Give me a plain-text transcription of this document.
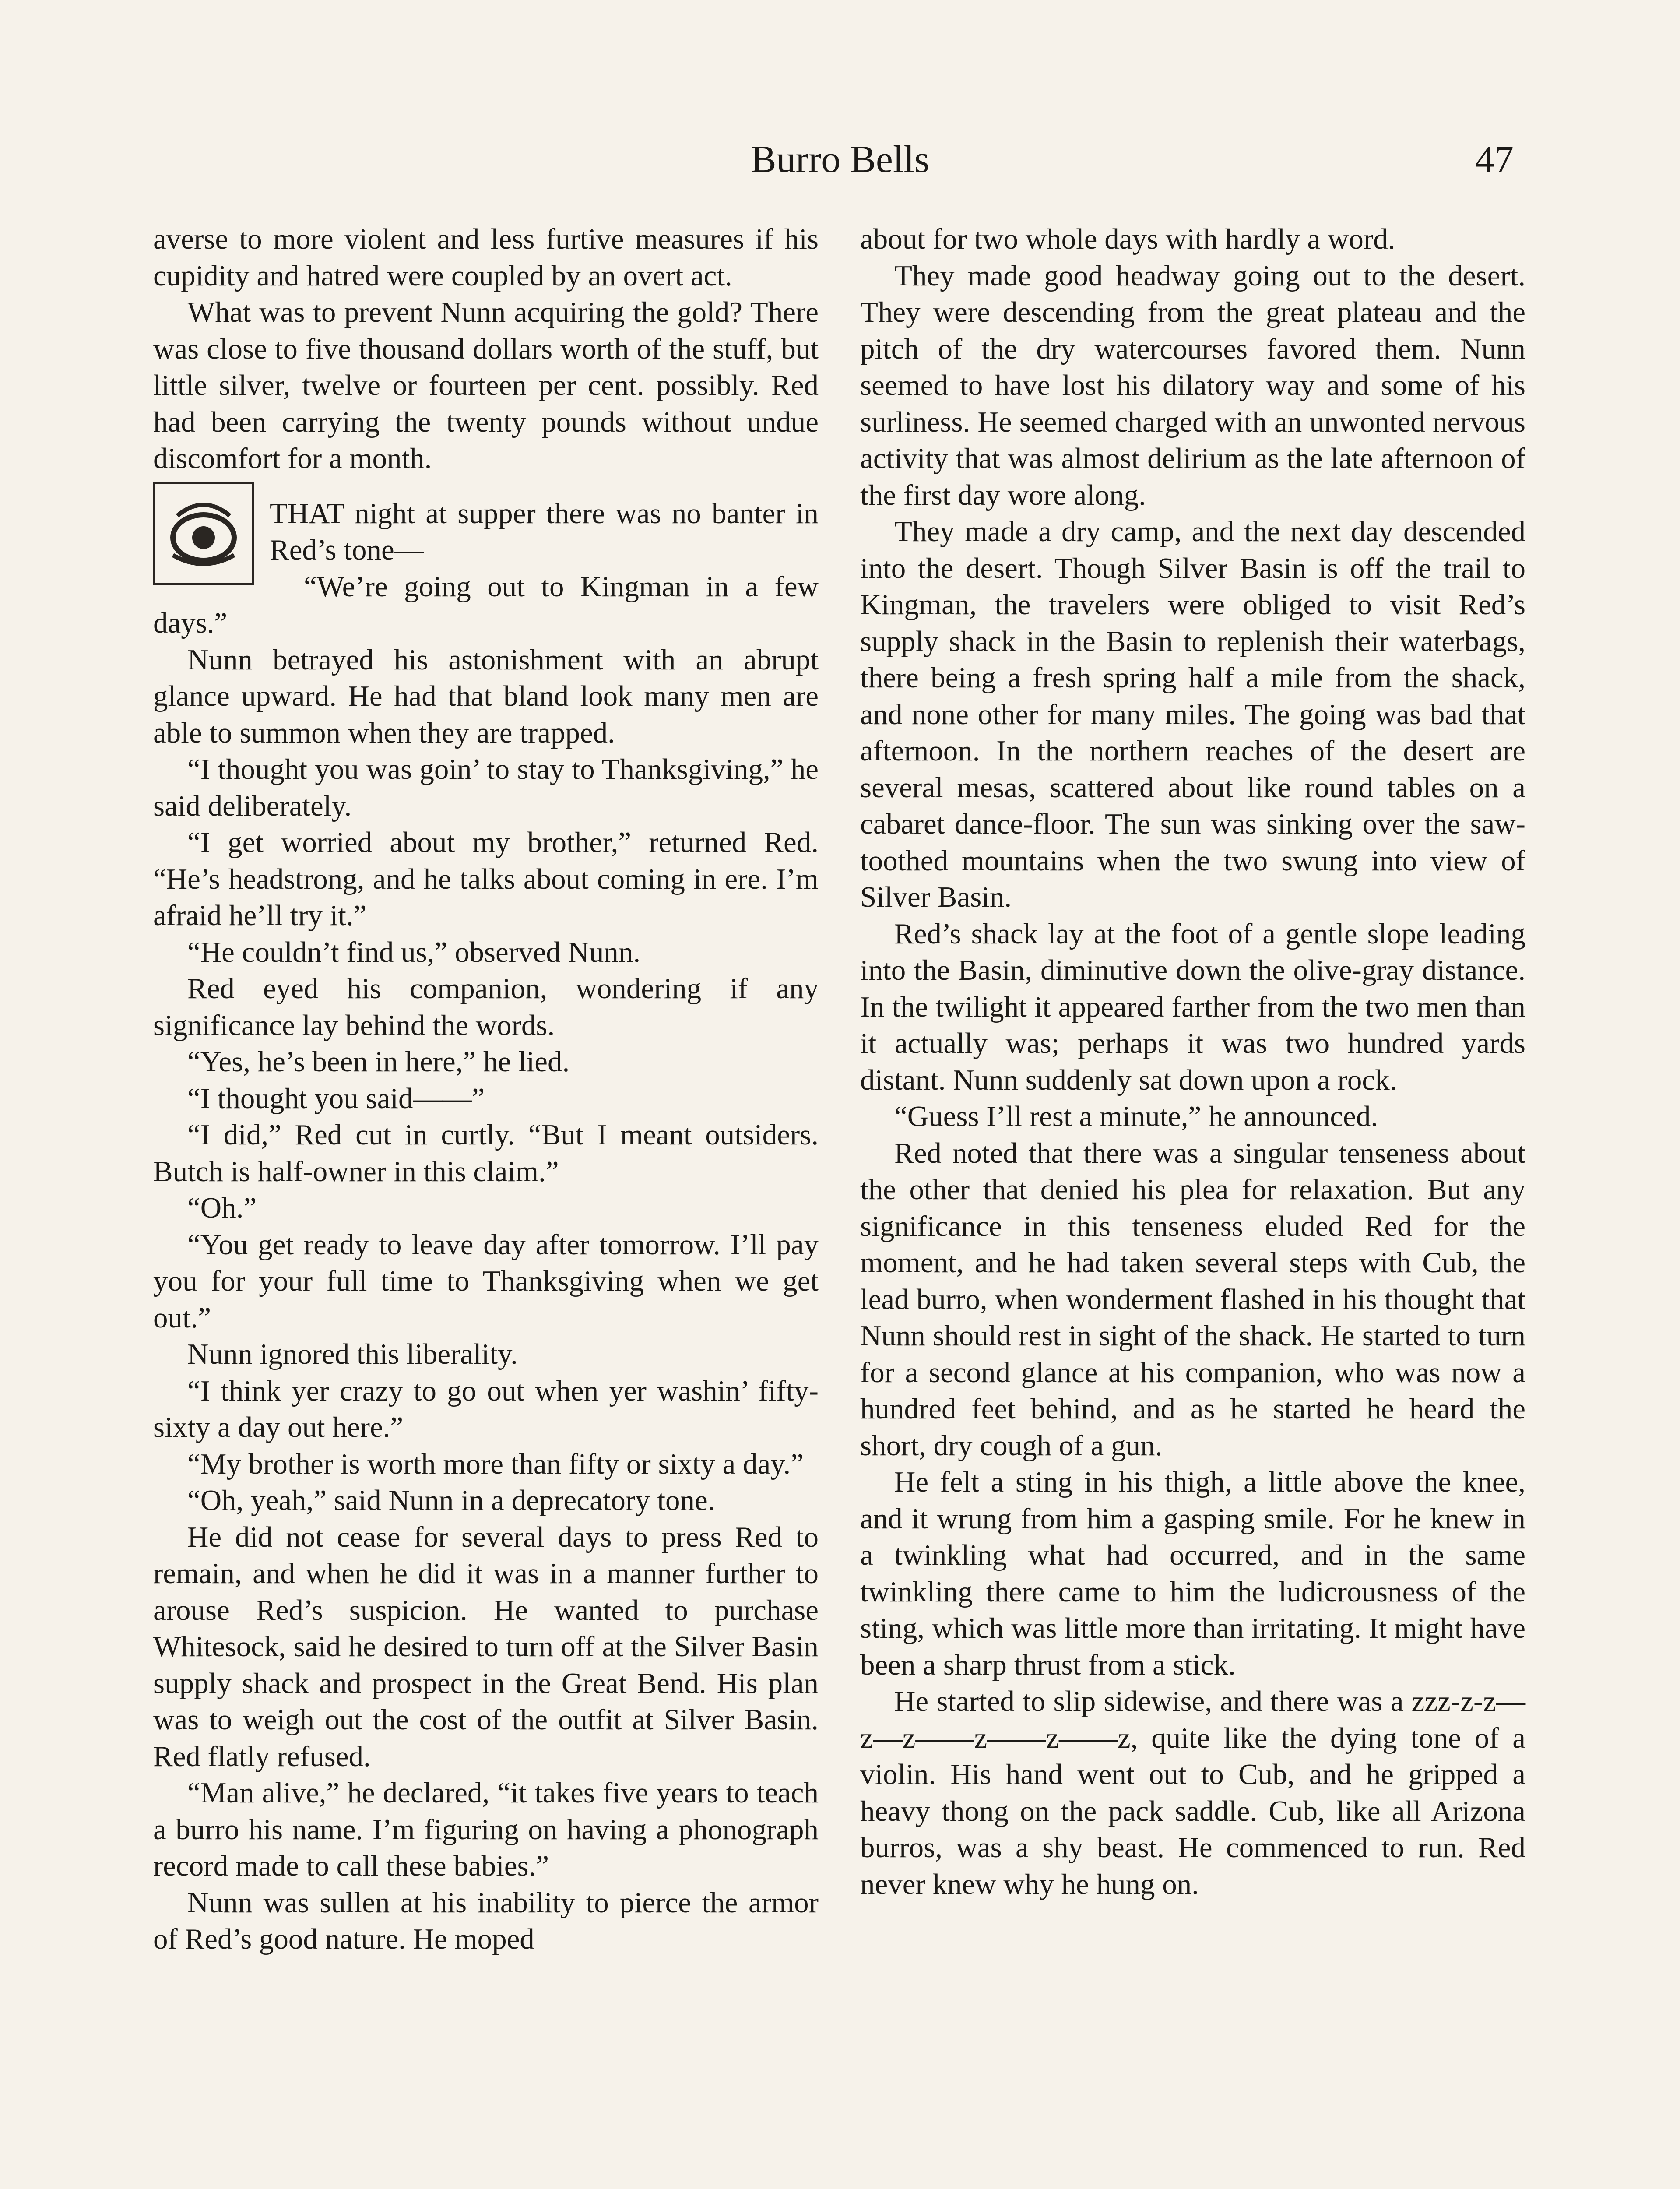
Burro Bells	47

averse to more violent and less furtive measures if his cupidity and hatred were coupled by an overt act.

What was to prevent Nunn acquiring the gold? There was close to five thousand dollars worth of the stuff, but little silver, twelve or fourteen per cent. possibly. Red had been carrying the twenty pounds without undue discomfort for a month.

THAT night at supper there was no banter in Red’s tone—

“We’re going out to Kingman in a few days.”

Nunn betrayed his astonishment with an abrupt glance upward. He had that bland look many men are able to summon when they are trapped.

“I thought you was goin’ to stay to Thanksgiving,” he said deliberately.

“I get worried about my brother,” returned Red. “He’s headstrong, and he talks about coming in ere. I’m afraid he’ll try it.”

“He couldn’t find us,” observed Nunn.

Red eyed his companion, wondering if any significance lay behind the words.

“Yes, he’s been in here,” he lied.

“I thought you said——”

“I did,” Red cut in curtly. “But I meant outsiders. Butch is half-owner in this claim.”

“Oh.”

“You get ready to leave day after tomorrow. I’ll pay you for your full time to Thanksgiving when we get out.”

Nunn ignored this liberality.

“I think yer crazy to go out when yer washin’ fifty-sixty a day out here.”

“My brother is worth more than fifty or sixty a day.”

“Oh, yeah,” said Nunn in a deprecatory tone.

He did not cease for several days to press Red to remain, and when he did it was in a manner further to arouse Red’s suspicion. He wanted to purchase Whitesock, said he desired to turn off at the Silver Basin supply shack and prospect in the Great Bend. His plan was to weigh out the cost of the outfit at Silver Basin. Red flatly refused.

“Man alive,” he declared, “it takes five years to teach a burro his name. I’m figuring on having a phonograph record made to call these babies.”

Nunn was sullen at his inability to pierce the armor of Red’s good nature. He moped

about for two whole days with hardly a word.

They made good headway going out to the desert. They were descending from the great plateau and the pitch of the dry watercourses favored them. Nunn seemed to have lost his dilatory way and some of his surliness. He seemed charged with an unwonted nervous activity that was almost delirium as the late afternoon of the first day wore along.

They made a dry camp, and the next day descended into the desert. Though Silver Basin is off the trail to Kingman, the travelers were obliged to visit Red’s supply shack in the Basin to replenish their waterbags, there being a fresh spring half a mile from the shack, and none other for many miles. The going was bad that afternoon. In the northern reaches of the desert are several mesas, scattered about like round tables on a cabaret dance-floor. The sun was sinking over the saw-toothed mountains when the two swung into view of Silver Basin.

Red’s shack lay at the foot of a gentle slope leading into the Basin, diminutive down the olive-gray distance. In the twilight it appeared farther from the two men than it actually was; perhaps it was two hundred yards distant. Nunn suddenly sat down upon a rock.

“Guess I’ll rest a minute,” he announced.

Red noted that there was a singular tenseness about the other that denied his plea for relaxation. But any significance in this tenseness eluded Red for the moment, and he had taken several steps with Cub, the lead burro, when wonderment flashed in his thought that Nunn should rest in sight of the shack. He started to turn for a second glance at his companion, who was now a hundred feet behind, and as he started he heard the short, dry cough of a gun.

He felt a sting in his thigh, a little above the knee, and it wrung from him a gasping smile. For he knew in a twinkling what had occurred, and in the same twinkling there came to him the ludicrousness of the sting, which was little more than irritating. It might have been a sharp thrust from a stick.

He started to slip sidewise, and there was a zzz-z-z—z—z——z——z——z, quite like the dying tone of a violin. His hand went out to Cub, and he gripped a heavy thong on the pack saddle. Cub, like all Arizona burros, was a shy beast. He commenced to run. Red never knew why he hung on.
